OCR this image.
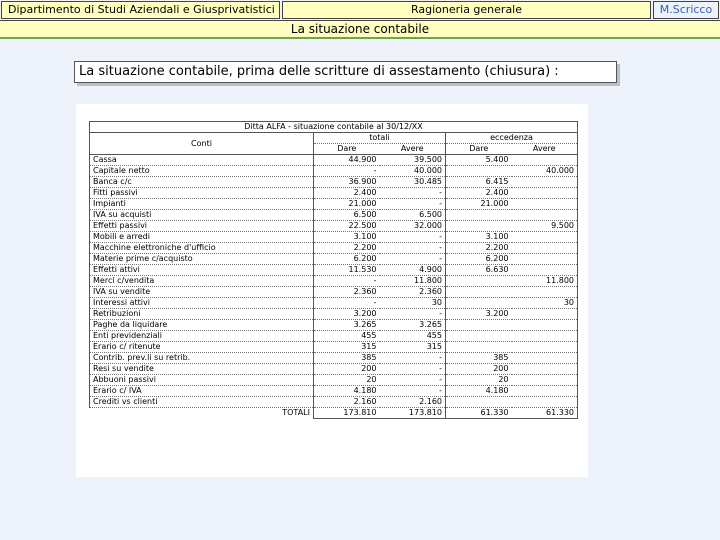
Dipartimento di Studi Aziendali e Giusprivatistici	Ragioneria generale	M.Scricco
La situazione contabile
La situazione contabile, prima delle scritture di assestamento (chiusura) :
Ditta ALFA - situazione contabile al 30/12/XX				
Conti	totali		eccedenza	
	Dare	Avere	Dare	Avere
Cassa	44.900	39.500	5.400	
Capitale netto	-	40.000		40.000
Banca c/c	36.900	30.485	6.415	
Fitti passivi	2.400	-	2.400	
Impianti	21.000	-	21.000	
IVA su acquisti	6.500	6.500		
Effetti passivi	22.500	32.000		9.500
Mobili e arredi	3.100	-	3.100	
Macchine elettroniche d'ufficio	2.200	-	2.200	
Materie prime c/acquisto	6.200	-	6.200	
Effetti attivi	11.530	4.900	6.630	
Merci c/vendita	-	11.800		11.800
IVA su vendite	2.360	2.360		
Interessi attivi	-	30		30
Retribuzioni	3.200	-	3.200	
Paghe da liquidare	3.265	3.265		
Enti previdenziali	455	455		
Erario c/ ritenute	315	315		
Contrib. prev.li su retrib.	385	-	385	
Resi su vendite	200	-	200	
Abbuoni passivi	20	-	20	
Erario c/ IVA	4.180	-	4.180	
Crediti vs clienti	2.160	2.160		
TOTALI	173.810	173.810	61.330	61.330
